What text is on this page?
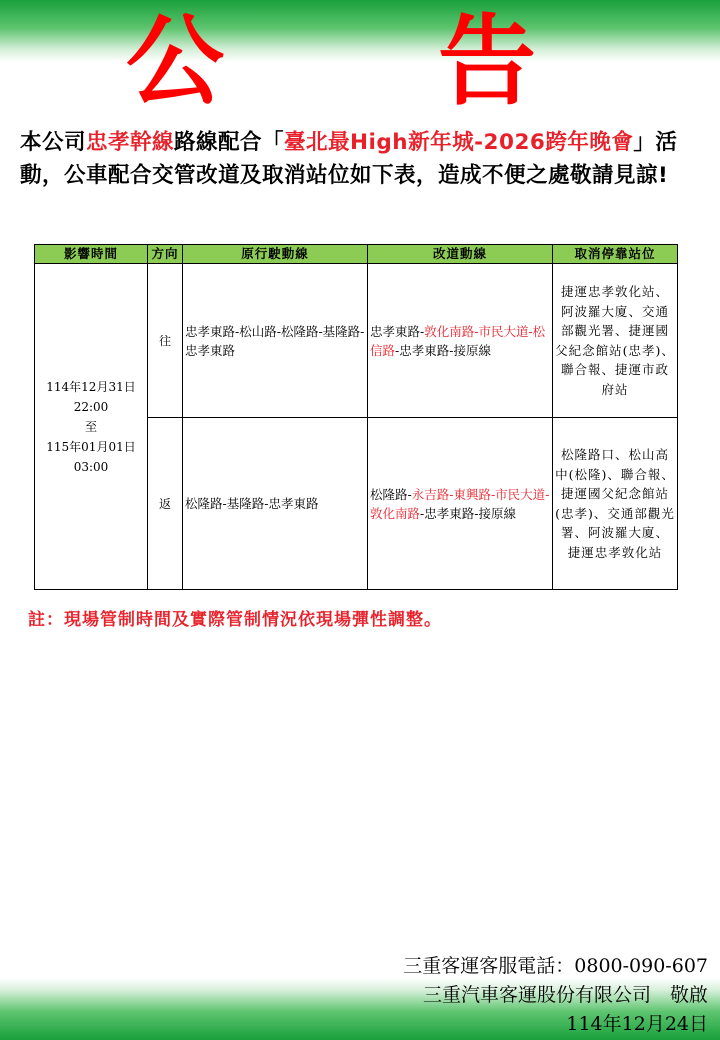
公　告
本公司忠孝幹線路線配合「臺北最High新年城-2026跨年晚會」活動，公車配合交管改道及取消站位如下表，造成不便之處敬請見諒!
影響時間	方向	原行駛動線	改道動線	取消停靠站位

114年12月31日
22:00
至
115年01月01日
03:00	往	忠孝東路-松山路-松隆路-基隆路-忠孝東路	忠孝東路-敦化南路-市民大道-松信路-忠孝東路-接原線	捷運忠孝敦化站、阿波羅大廈、交通部觀光署、捷運國父紀念館站(忠孝)、聯合報、捷運市政府站
	返	松隆路-基隆路-忠孝東路	松隆路-永吉路-東興路-市民大道-敦化南路-忠孝東路-接原線	松隆路口、松山高中(松隆)、聯合報、捷運國父紀念館站(忠孝)、交通部觀光署、阿波羅大廈、捷運忠孝敦化站
註：現場管制時間及實際管制情況依現場彈性調整。
三重客運客服電話：0800-090-607
三重汽車客運股份有限公司　敬啟
114年12月24日
